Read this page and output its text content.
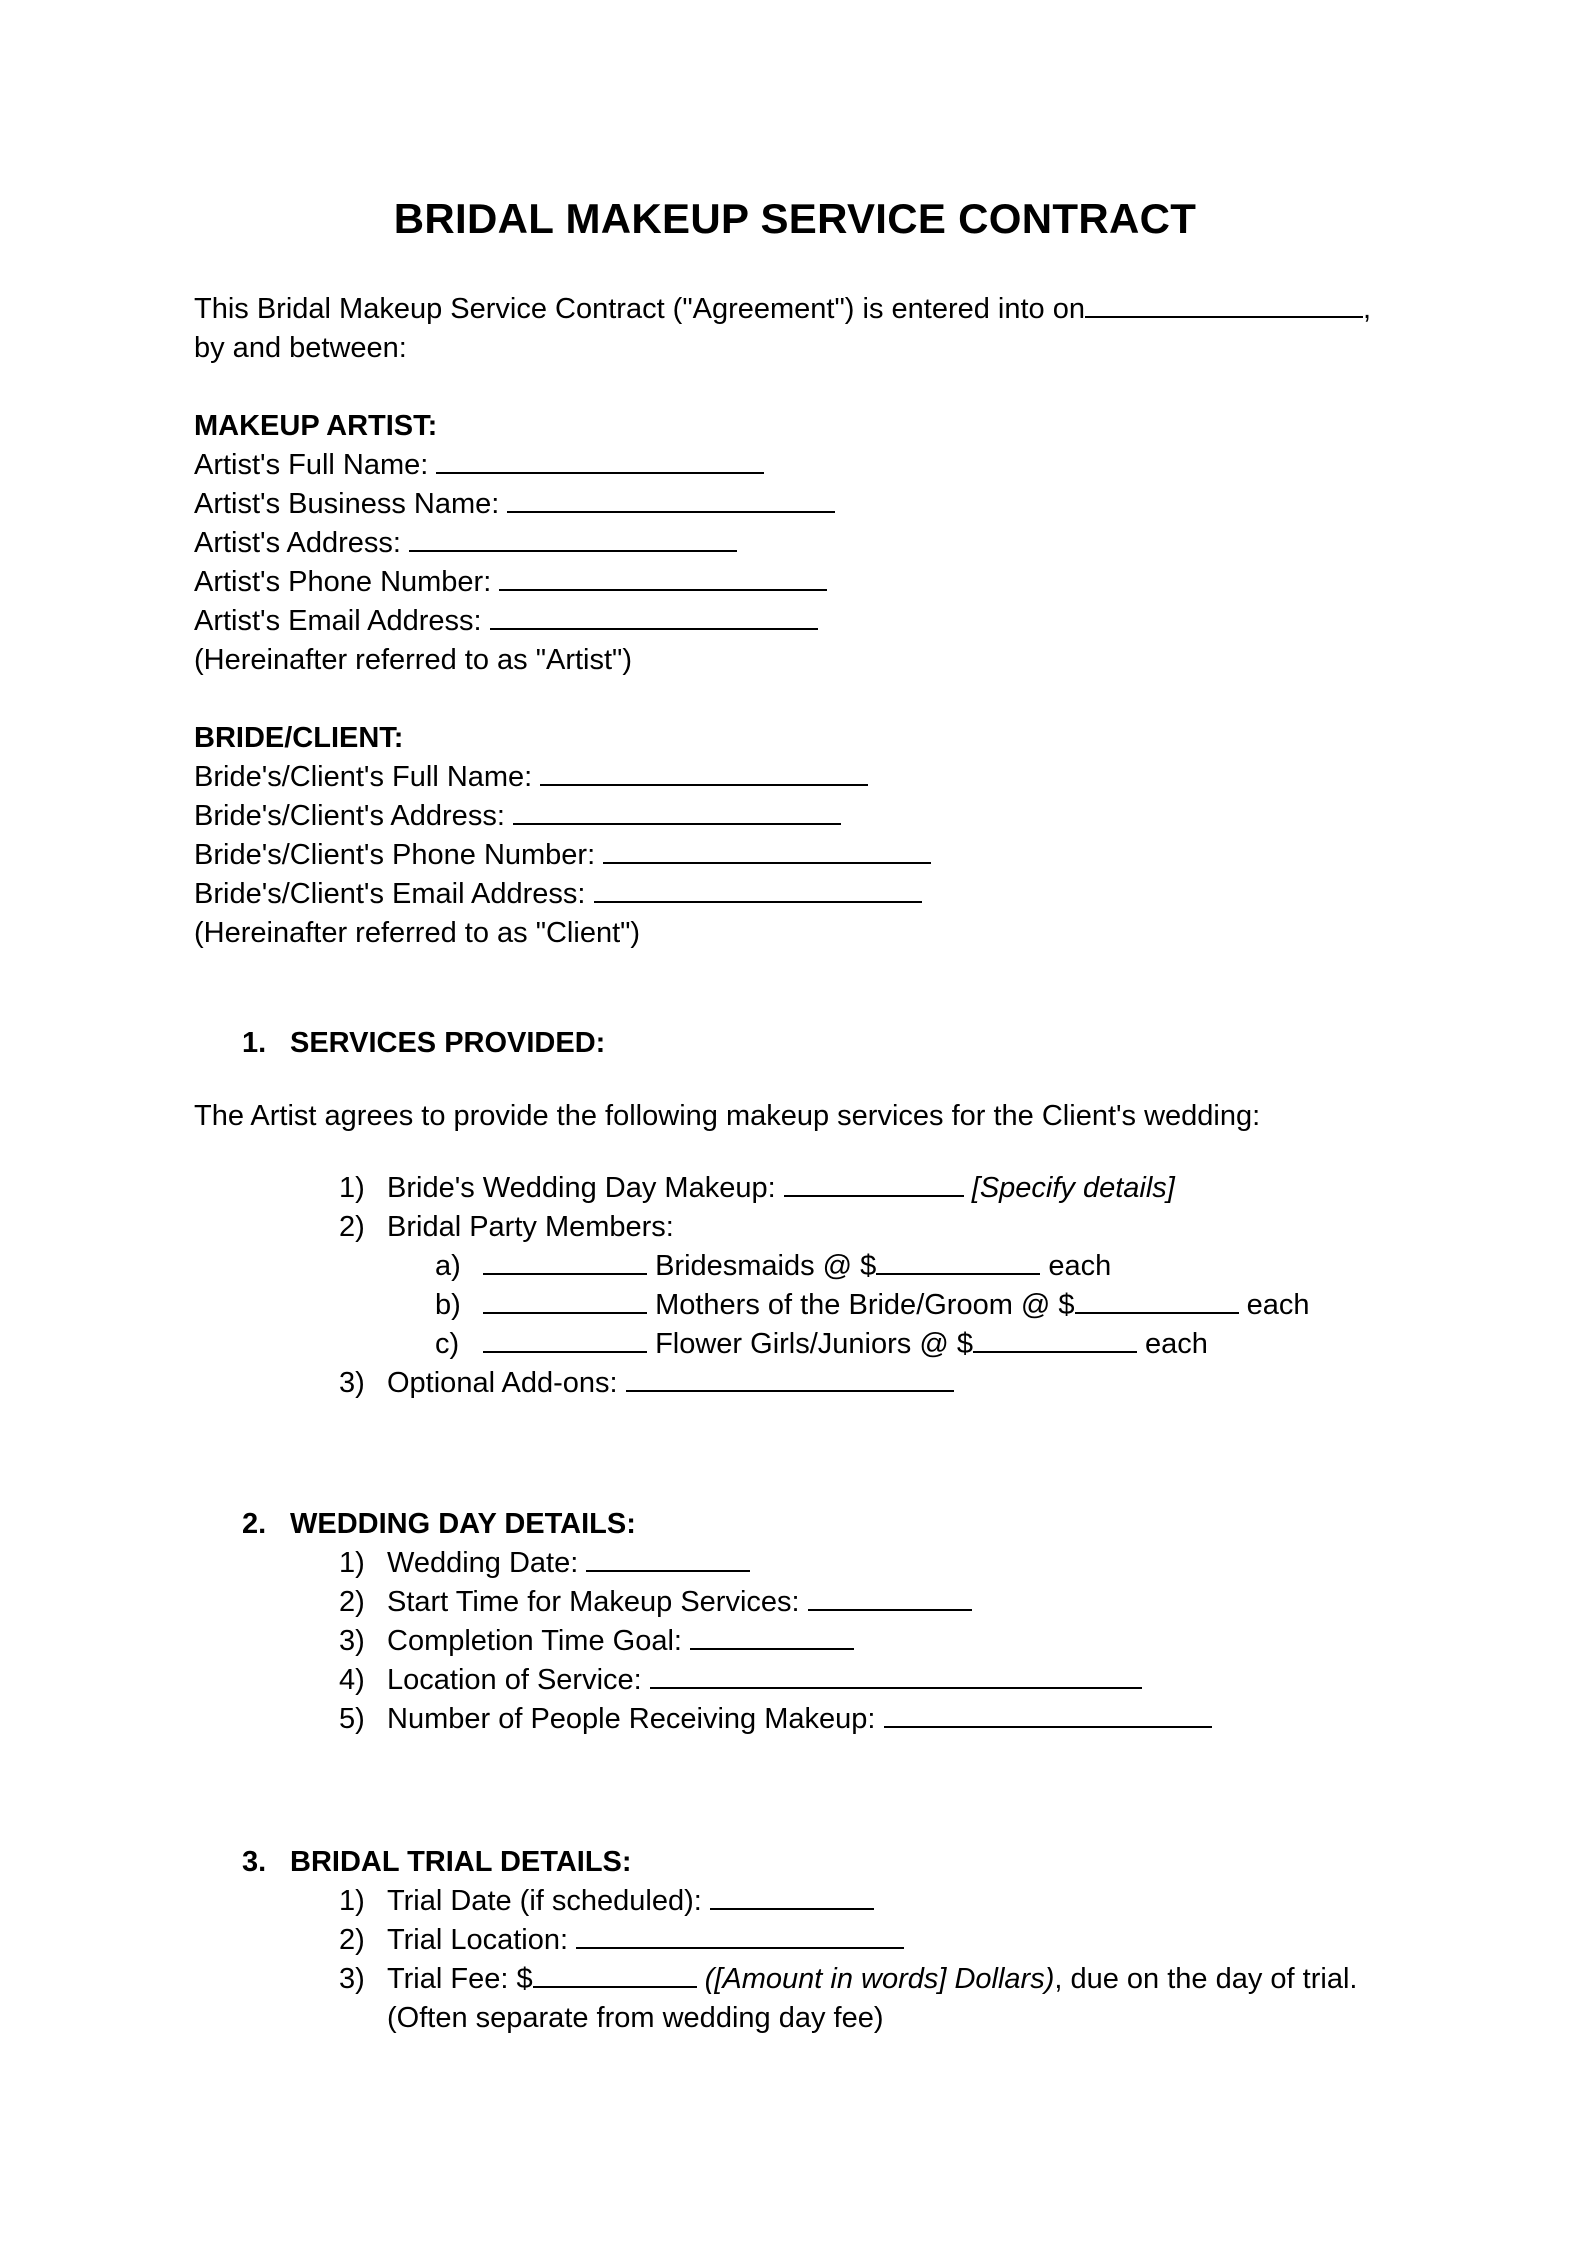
BRIDAL MAKEUP SERVICE CONTRACT
This Bridal Makeup Service Contract ("Agreement") is entered into on	,
by and between:
MAKEUP ARTIST:
Artist's Full Name:
Artist's Business Name:
Artist's Address:
Artist's Phone Number:
Artist's Email Address:
(Hereinafter referred to as "Artist")
BRIDE/CLIENT:
Bride's/Client's Full Name:
Bride's/Client's Address:
Bride's/Client's Phone Number:
Bride's/Client's Email Address:
(Hereinafter referred to as "Client")
1. SERVICES PROVIDED:
The Artist agrees to provide the following makeup services for the Client's wedding:
1) Bride's Wedding Day Makeup:	[Specify details]
2) Bridal Party Members:
a)	Bridesmaids @ $	each
b)	Mothers of the Bride/Groom @ $	each
c)	Flower Girls/Juniors @ $	each
3) Optional Add-ons:
2. WEDDING DAY DETAILS:
1) Wedding Date:
2) Start Time for Makeup Services:
3) Completion Time Goal:
4) Location of Service:
5) Number of People Receiving Makeup:
3. BRIDAL TRIAL DETAILS:
1) Trial Date (if scheduled):
2) Trial Location:
3) Trial Fee: $	([Amount in words] Dollars), due on the day of trial.
(Often separate from wedding day fee)
